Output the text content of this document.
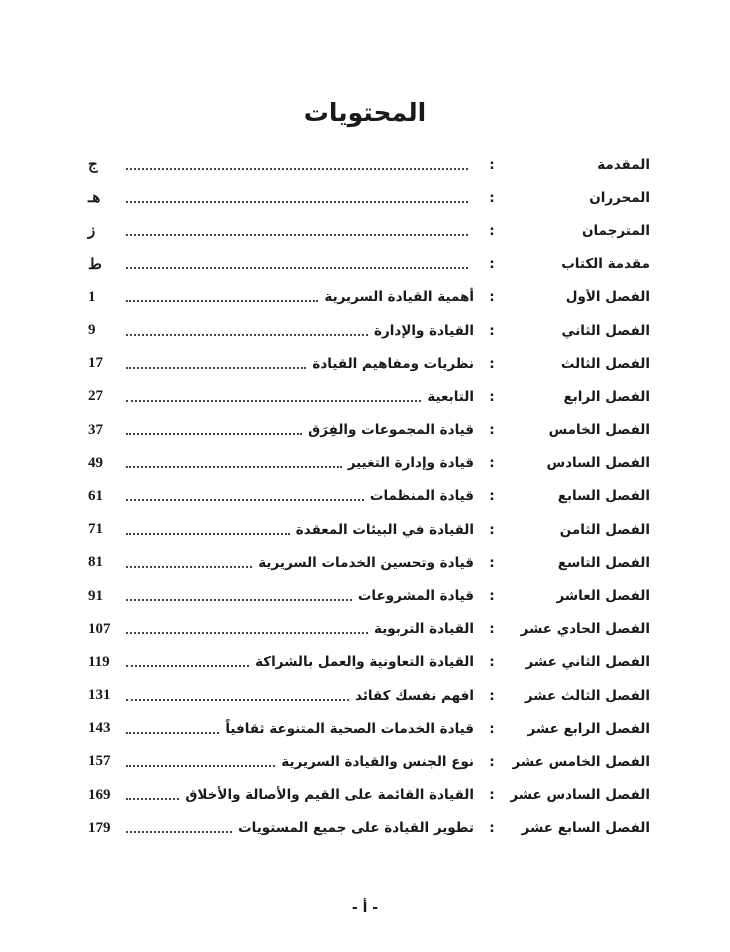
المحتويات
المقدمة
:
ج
المحرران
:
هـ
المترجمان
:
ز
مقدمة الكتاب
:
ط
الفصل الأول
:
أهمية القيادة السريرية
1
الفصل الثاني
:
القيادة والإدارة
9
الفصل الثالث
:
نظريات ومفاهيم القيادة
17
الفصل الرابع
:
التابعية
27
الفصل الخامس
:
قيادة المجموعات والفِرَق
37
الفصل السادس
:
قيادة وإدارة التغيير
49
الفصل السابع
:
قيادة المنظمات
61
الفصل الثامن
:
القيادة في البيئات المعقدة
71
الفصل التاسع
:
قيادة وتحسين الخدمات السريرية
81
الفصل العاشر
:
قيادة المشروعات
91
الفصل الحادي عشر
:
القيادة التربوية
107
الفصل الثاني عشر
:
القيادة التعاونية والعمل بالشراكة
119
الفصل الثالث عشر
:
افهم نفسك كقائد
131
الفصل الرابع عشر
:
قيادة الخدمات الصحية المتنوعة ثقافياً
143
الفصل الخامس عشر
:
نوع الجنس والقيادة السريرية
157
الفصل السادس عشر
:
القيادة القائمة على القيم والأصالة والأخلاق
169
الفصل السابع عشر
:
تطوير القيادة على جميع المستويات
179
- أ -
